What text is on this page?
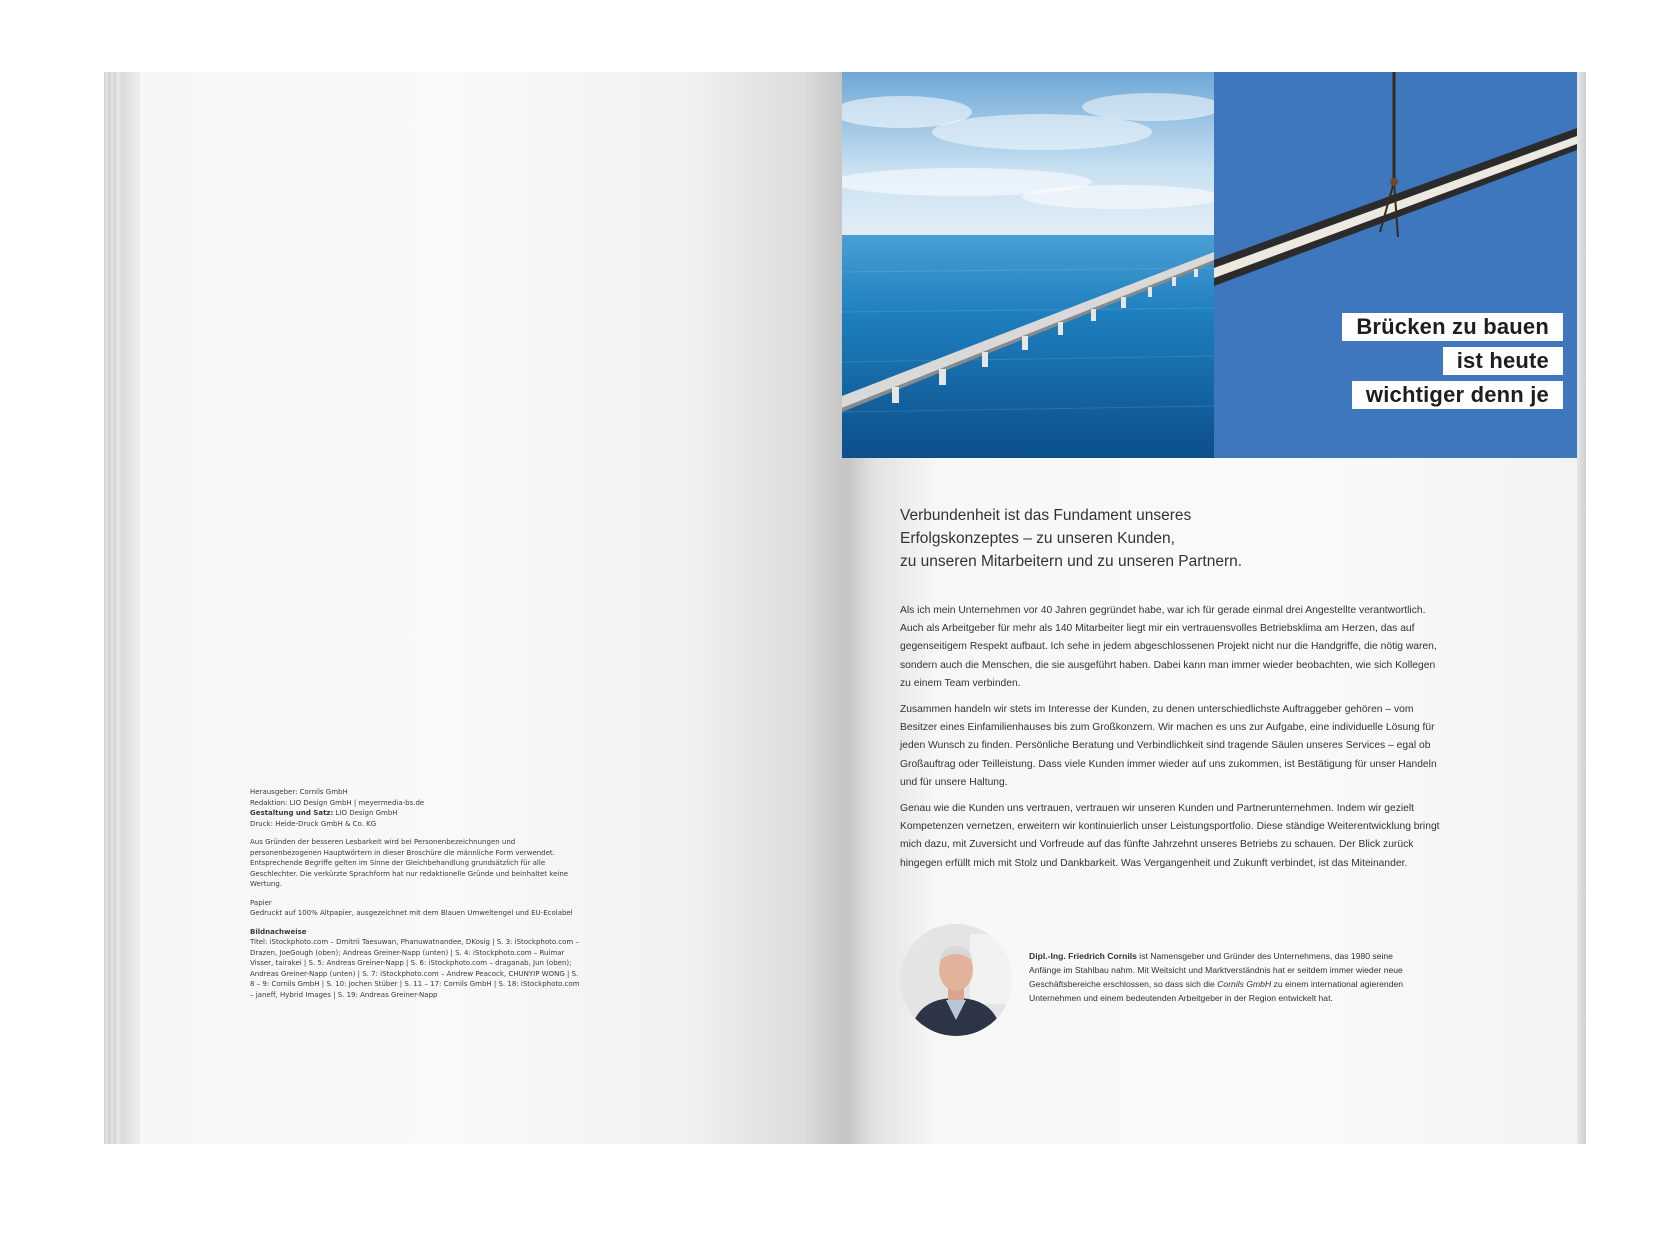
Herausgeber: Cornils GmbH

Redaktion: LIO Design GmbH | meyermedia-bs.de

Gestaltung und Satz: LIO Design GmbH

Druck: Heide-Druck GmbH & Co. KG

Aus Gründen der besseren Lesbarkeit wird bei Personenbezeichnungen und personenbezogenen Hauptwörtern in dieser Broschüre die männliche Form verwendet. Entsprechende Begriffe gelten im Sinne der Gleichbehandlung grundsätzlich für alle Geschlechter. Die verkürzte Sprachform hat nur redaktionelle Gründe und beinhaltet keine Wertung.

Papier

Gedruckt auf 100% Altpapier, ausgezeichnet mit dem Blauen Umweltengel und EU-Ecolabel

Bildnachweise

Titel: iStockphoto.com – Dmitrii Taesuwan, Phanuwatnandee, DKosig | S. 3: iStockphoto.com – Drazen, JoeGough (oben); Andreas Greiner-Napp (unten) | S. 4: iStockphoto.com – Ruimar Visser, tairakei | S. 5: Andreas Greiner-Napp | S. 6: iStockphoto.com – draganab, Jun (oben); Andreas Greiner-Napp (unten) | S. 7: iStockphoto.com – Andrew Peacock, CHUNYIP WONG | S. 8 – 9: Cornils GmbH | S. 10: Jochen Stüber | S. 11 – 17: Cornils GmbH | S. 18: iStockphoto.com – janeff, Hybrid Images | S. 19: Andreas Greiner-Napp

Brücken zu bauen
ist heute
wichtiger denn je

Verbundenheit ist das Fundament unseres

Erfolgskonzeptes – zu unseren Kunden,

zu unseren Mitarbeitern und zu unseren Partnern.

Als ich mein Unternehmen vor 40 Jahren gegründet habe, war ich für gerade einmal drei Angestellte verantwortlich. Auch als Arbeitgeber für mehr als 140 Mitarbeiter liegt mir ein vertrauensvolles Betriebsklima am Herzen, das auf gegenseitigem Respekt aufbaut. Ich sehe in jedem abgeschlossenen Projekt nicht nur die Handgriffe, die nötig waren, sondern auch die Menschen, die sie ausgeführt haben. Dabei kann man immer wieder beobachten, wie sich Kollegen zu einem Team verbinden.

Zusammen handeln wir stets im Interesse der Kunden, zu denen unterschiedlichste Auftraggeber gehören – vom Besitzer eines Einfamilienhauses bis zum Großkonzern. Wir machen es uns zur Aufgabe, eine individuelle Lösung für jeden Wunsch zu finden. Persönliche Beratung und Verbindlichkeit sind tragende Säulen unseres Services – egal ob Großauftrag oder Teilleistung. Dass viele Kunden immer wieder auf uns zukommen, ist Bestätigung für unser Handeln und für unsere Haltung.

Genau wie die Kunden uns vertrauen, vertrauen wir unseren Kunden und Partnerunternehmen. Indem wir gezielt Kompetenzen vernetzen, erweitern wir kontinuierlich unser Leistungsportfolio. Diese ständige Weiterentwicklung bringt mich dazu, mit Zuversicht und Vorfreude auf das fünfte Jahrzehnt unseres Betriebs zu schauen. Der Blick zurück hingegen erfüllt mich mit Stolz und Dankbarkeit. Was Vergangenheit und Zukunft verbindet, ist das Miteinander.

Dipl.-Ing. Friedrich Cornils ist Namensgeber und Gründer des Unternehmens, das 1980 seine Anfänge im Stahlbau nahm. Mit Weitsicht und Marktverständnis hat er seitdem immer wieder neue Geschäftsbereiche erschlossen, so dass sich die Cornils GmbH zu einem international agierenden Unternehmen und einem bedeutenden Arbeitgeber in der Region entwickelt hat.
